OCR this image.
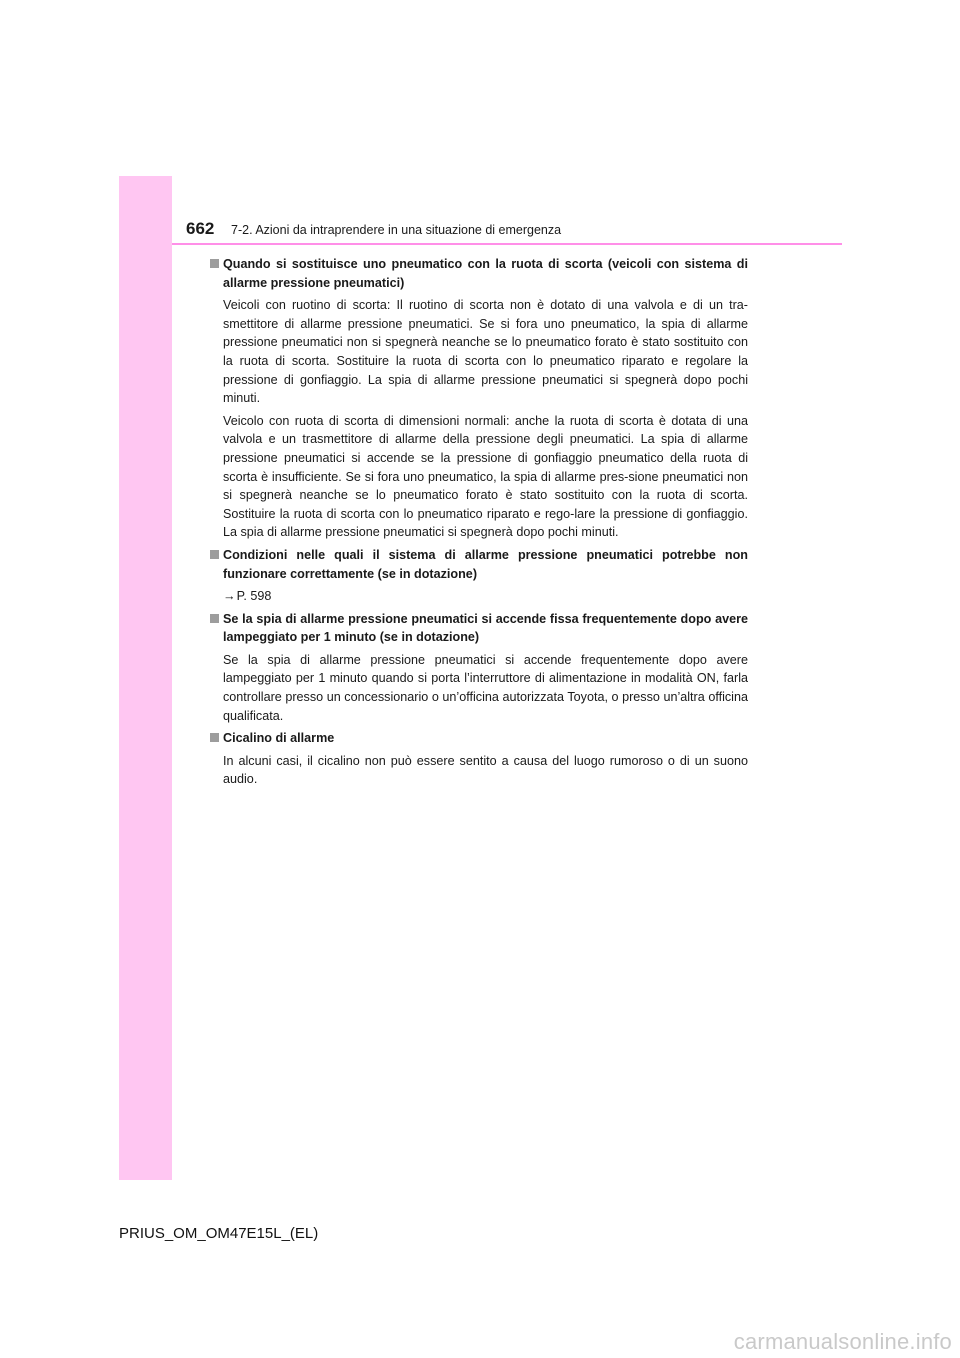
662 7-2. Azioni da intraprendere in una situazione di emergenza
Quando si sostituisce uno pneumatico con la ruota di scorta (veicoli con sistema di allarme pressione pneumatici)

Veicoli con ruotino di scorta: Il ruotino di scorta non è dotato di una valvola e di un tra-smettitore di allarme pressione pneumatici. Se si fora uno pneumatico, la spia di allarme pressione pneumatici non si spegnerà neanche se lo pneumatico forato è stato sostituito con la ruota di scorta. Sostituire la ruota di scorta con lo pneumatico riparato e regolare la pressione di gonfiaggio. La spia di allarme pressione pneumatici si spegnerà dopo pochi minuti.

Veicolo con ruota di scorta di dimensioni normali: anche la ruota di scorta è dotata di una valvola e un trasmettitore di allarme della pressione degli pneumatici. La spia di allarme pressione pneumatici si accende se la pressione di gonfiaggio pneumatico della ruota di scorta è insufficiente. Se si fora uno pneumatico, la spia di allarme pres-sione pneumatici non si spegnerà neanche se lo pneumatico forato è stato sostituito con la ruota di scorta. Sostituire la ruota di scorta con lo pneumatico riparato e rego-lare la pressione di gonfiaggio. La spia di allarme pressione pneumatici si spegnerà dopo pochi minuti.

Condizioni nelle quali il sistema di allarme pressione pneumatici potrebbe non funzionare correttamente (se in dotazione)

→P. 598

Se la spia di allarme pressione pneumatici si accende fissa frequentemente dopo avere lampeggiato per 1 minuto (se in dotazione)

Se la spia di allarme pressione pneumatici si accende frequentemente dopo avere lampeggiato per 1 minuto quando si porta l’interruttore di alimentazione in modalità ON, farla controllare presso un concessionario o un’officina autorizzata Toyota, o presso un’altra officina qualificata.

Cicalino di allarme

In alcuni casi, il cicalino non può essere sentito a causa del luogo rumoroso o di un suono audio.

PRIUS_OM_OM47E15L_(EL)
carmanualsonline.info
